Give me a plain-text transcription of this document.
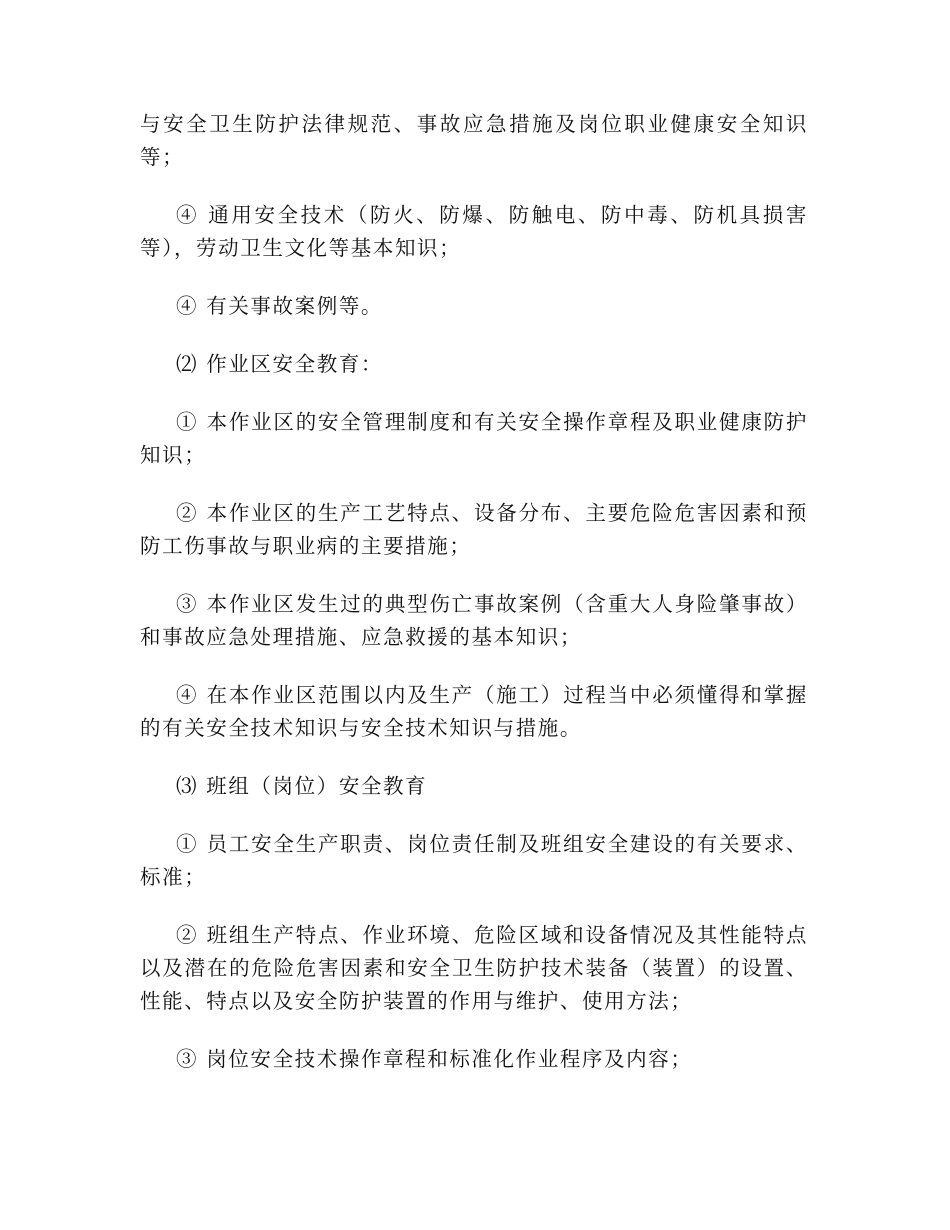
与安全卫生防护法律规范、事故应急措施及岗位职业健康安全知识等；

④ 通用安全技术（防火、防爆、防触电、防中毒、防机具损害等），劳动卫生文化等基本知识；

④ 有关事故案例等。

⑵ 作业区安全教育：

① 本作业区的安全管理制度和有关安全操作章程及职业健康防护知识；

② 本作业区的生产工艺特点、设备分布、主要危险危害因素和预防工伤事故与职业病的主要措施；

③ 本作业区发生过的典型伤亡事故案例（含重大人身险肇事故）和事故应急处理措施、应急救援的基本知识；

④ 在本作业区范围以内及生产（施工）过程当中必须懂得和掌握的有关安全技术知识与安全技术知识与措施。

⑶ 班组（岗位）安全教育

① 员工安全生产职责、岗位责任制及班组安全建设的有关要求、标准；

② 班组生产特点、作业环境、危险区域和设备情况及其性能特点以及潜在的危险危害因素和安全卫生防护技术装备（装置）的设置、性能、特点以及安全防护装置的作用与维护、使用方法；

③ 岗位安全技术操作章程和标准化作业程序及内容；
